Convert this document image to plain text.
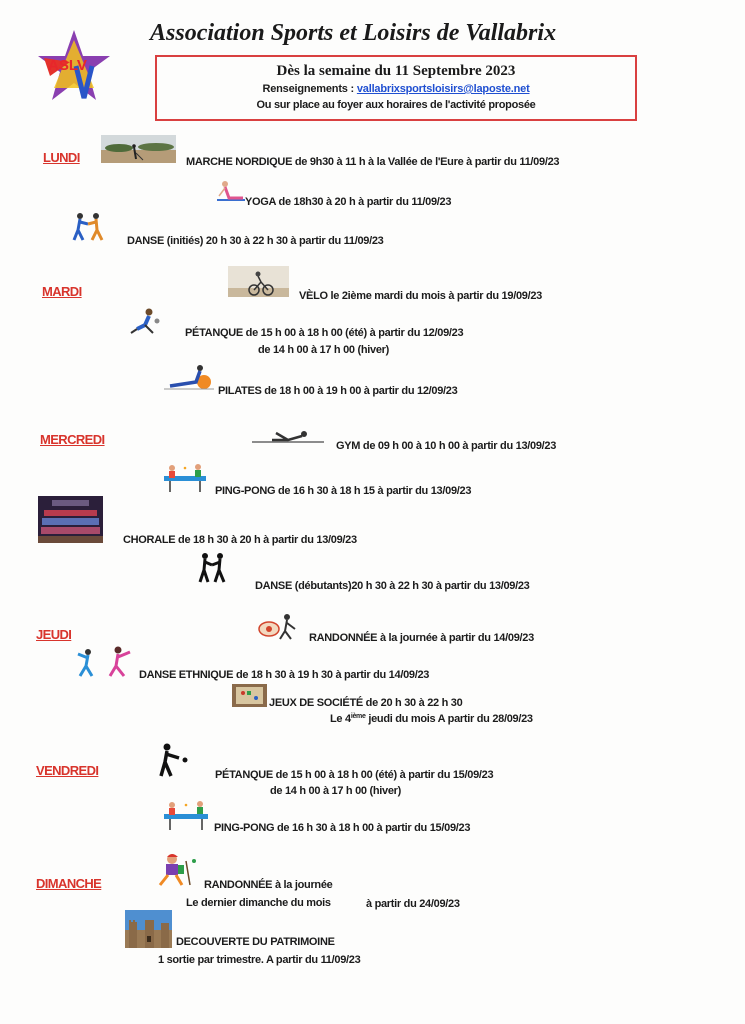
ASLV
Association Sports et Loisirs de Vallabrix
Dès la semaine du 11 Septembre 2023
Renseignements : vallabrixsportsloisirs@laposte.net
Ou sur place au foyer aux horaires de l'activité proposée
LUNDI	MARCHE NORDIQUE de 9h30 à 11 h à la Vallée de l'Eure à partir du 11/09/23
YOGA de 18h30 à 20 h à partir du 11/09/23
DANSE (initiés) 20 h 30 à 22 h 30 à partir du 11/09/23
MARDI	VÈLO le 2ième mardi du mois à partir du 19/09/23
PÉTANQUE de 15 h 00 à 18 h 00 (été) à partir du 12/09/23
de 14 h 00 à 17 h 00 (hiver)
PILATES de 18 h 00 à 19 h 00 à partir du 12/09/23
MERCREDI	GYM de 09 h 00 à 10 h 00 à partir du 13/09/23
PING-PONG de 16 h 30 à 18 h 15 à partir du 13/09/23
CHORALE de 18 h 30 à 20 h à partir du 13/09/23
DANSE (débutants)20 h 30 à 22 h 30 à partir du 13/09/23
JEUDI	RANDONNÉE à la journée à partir du 14/09/23
DANSE ETHNIQUE de 18 h 30 à 19 h 30 à partir du 14/09/23
JEUX DE SOCIÉTÉ de 20 h 30 à 22 h 30
Le 4ième jeudi du mois A partir du 28/09/23
VENDREDI	PÉTANQUE de 15 h 00 à 18 h 00 (été) à partir du 15/09/23
de 14 h 00 à 17 h 00 (hiver)
PING-PONG de 16 h 30 à 18 h 00 à partir du 15/09/23
DIMANCHE	RANDONNÉE à la journée
Le dernier dimanche du mois	à partir du 24/09/23
DECOUVERTE DU PATRIMOINE
1 sortie par trimestre. A partir du 11/09/23
